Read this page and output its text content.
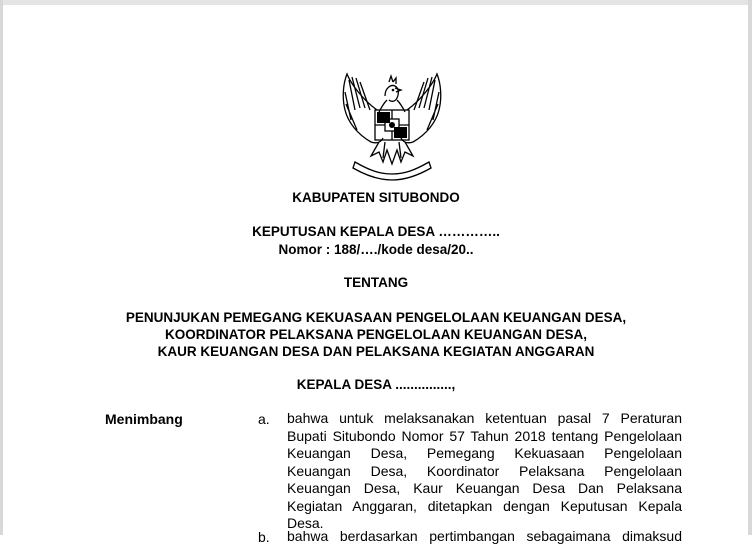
KABUPATEN SITUBONDO
KEPUTUSAN KEPALA DESA …………..
Nomor : 188/…./kode desa/20..
TENTANG
PENUNJUKAN PEMEGANG KEKUASAAN PENGELOLAAN KEUANGAN DESA,
KOORDINATOR PELAKSANA PENGELOLAAN KEUANGAN DESA,
KAUR KEUANGAN DESA DAN PELAKSANA KEGIATAN ANGGARAN
KEPALA DESA ...............,
Menimbang	a. bahwa untuk melaksanakan ketentuan pasal 7 Peraturan Bupati Situbondo Nomor 57 Tahun 2018 tentang Pengelolaan Keuangan Desa, Pemegang Kekuasaan Pengelolaan Keuangan Desa, Koordinator Pelaksana Pengelolaan Keuangan Desa, Kaur Keuangan Desa Dan Pelaksana Kegiatan Anggaran, ditetapkan dengan Keputusan Kepala Desa.
b. bahwa berdasarkan pertimbangan sebagaimana dimaksud
